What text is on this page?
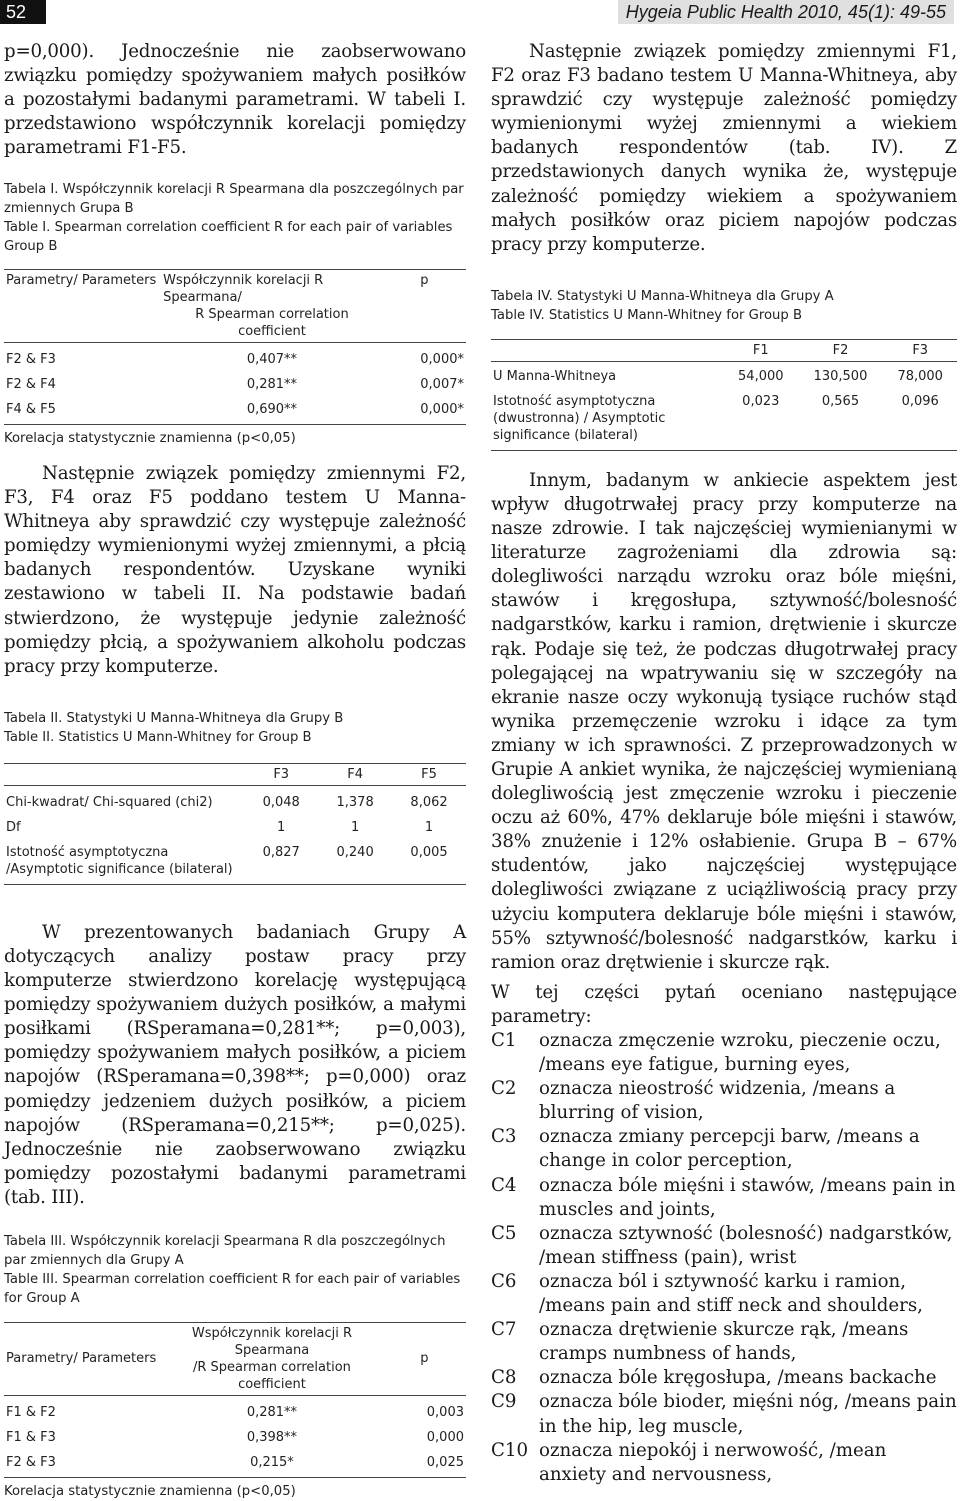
52	Hygeia Public Health 2010, 45(1): 49-55

p=0,000). Jednocześnie nie zaobserwowano związku pomiędzy spożywaniem małych posiłków a pozostałymi badanymi parametrami. W tabeli I. przedstawiono współczynnik korelacji pomiędzy parametrami F1-F5.

Tabela I. Współczynnik korelacji R Spearmana dla poszczególnych par zmiennych Grupa B

Table I. Spearman correlation coefficient R for each pair of variables Group B

Parametry/ Parameters	Współczynnik korelacji R Spearmana/
R Spearman correlation coefficient	p
F2 & F3	0,407**	0,000*
F2 & F4	0,281**	0,007*
F4 & F5	0,690**	0,000*

Korelacja statystycznie znamienna (p<0,05)

Następnie związek pomiędzy zmiennymi F2, F3, F4 oraz F5 poddano testem U Manna-Whitneya aby sprawdzić czy występuje zależność pomiędzy wymienionymi wyżej zmiennymi, a płcią badanych respondentów. Uzyskane wyniki zestawiono w tabeli II. Na podstawie badań stwierdzono, że występuje jedynie zależność pomiędzy płcią, a spożywaniem alkoholu podczas pracy przy komputerze.

Tabela II. Statystyki U Manna-Whitneya dla Grupy B

Table II. Statistics U Mann-Whitney for Group B

	F3	F4	F5
Chi-kwadrat/ Chi-squared (chi2)	0,048	1,378	8,062
Df	1	1	1
Istotność asymptotyczna /Asymptotic significance (bilateral)	0,827	0,240	0,005

W prezentowanych badaniach Grupy A dotyczących analizy postaw pracy przy komputerze stwierdzono korelację występującą pomiędzy spożywaniem dużych posiłków, a małymi posiłkami (RSperamana=0,281**; p=0,003), pomiędzy spożywaniem małych posiłków, a piciem napojów (RSperamana=0,398**; p=0,000) oraz pomiędzy jedzeniem dużych posiłków, a piciem napojów (RSperamana=0,215**; p=0,025). Jednocześnie nie zaobserwowano związku pomiędzy pozostałymi badanymi parametrami (tab. III).

Tabela III. Współczynnik korelacji Spearmana R dla poszczególnych par zmiennych dla Grupy A

Table III. Spearman correlation coefficient R for each pair of variables for Group A

Parametry/ Parameters	Współczynnik korelacji R Spearmana
/R Spearman correlation coefficient	p
F1 & F2	0,281**	0,003
F1 & F3	0,398**	0,000
F2 & F3	0,215*	0,025

Korelacja statystycznie znamienna (p<0,05)

Następnie związek pomiędzy zmiennymi F1, F2 oraz F3 badano testem U Manna-Whitneya, aby sprawdzić czy występuje zależność pomiędzy wymienionymi wyżej zmiennymi a wiekiem badanych respondentów (tab. IV). Z przedstawionych danych wynika że, występuje zależność pomiędzy wiekiem a spożywaniem małych posiłków oraz piciem napojów podczas pracy przy komputerze.

Tabela IV. Statystyki U Manna-Whitneya dla Grupy A

Table IV. Statistics U Mann-Whitney for Group B

	F1	F2	F3
U Manna-Whitneya	54,000	130,500	78,000
Istotność asymptotyczna (dwustronna) / Asymptotic significance (bilateral)	0,023	0,565	0,096

Innym, badanym w ankiecie aspektem jest wpływ długotrwałej pracy przy komputerze na nasze zdrowie. I tak najczęściej wymienianymi w literaturze zagrożeniami dla zdrowia są: dolegliwości narządu wzroku oraz bóle mięśni, stawów i kręgosłupa, sztywność/bolesność nadgarstków, karku i ramion, drętwienie i skurcze rąk. Podaje się też, że podczas długotrwałej pracy polegającej na wpatrywaniu się w szczegóły na ekranie nasze oczy wykonują tysiące ruchów stąd wynika przemęczenie wzroku i idące za tym zmiany w ich sprawności. Z przeprowadzonych w Grupie A ankiet wynika, że najczęściej wymienianą dolegliwością jest zmęczenie wzroku i pieczenie oczu aż 60%, 47% deklaruje bóle mięśni i stawów, 38% znużenie i 12% osłabienie. Grupa B – 67% studentów, jako najczęściej występujące dolegliwości związane z uciążliwością pracy przy użyciu komputera deklaruje bóle mięśni i stawów, 55% sztywność/bolesność nadgarstków, karku i ramion oraz drętwienie i skurcze rąk.

W tej części pytań oceniano następujące parametry:

C1	oznacza zmęczenie wzroku, pieczenie oczu, /means eye fatigue, burning eyes,
C2	oznacza nieostrość widzenia, /means a blurring of vision,
C3	oznacza zmiany percepcji barw, /means a change in color perception,
C4	oznacza bóle mięśni i stawów, /means pain in muscles and joints,
C5	oznacza sztywność (bolesność) nadgarstków, /mean stiffness (pain), wrist
C6	oznacza ból i sztywność karku i ramion, /means pain and stiff neck and shoulders,
C7	oznacza drętwienie skurcze rąk, /means cramps numbness of hands,
C8	oznacza bóle kręgosłupa, /means backache
C9	oznacza bóle bioder, mięśni nóg, /means pain in the hip, leg muscle,
C10 oznacza niepokój i nerwowość, /mean anxiety and nervousness,
